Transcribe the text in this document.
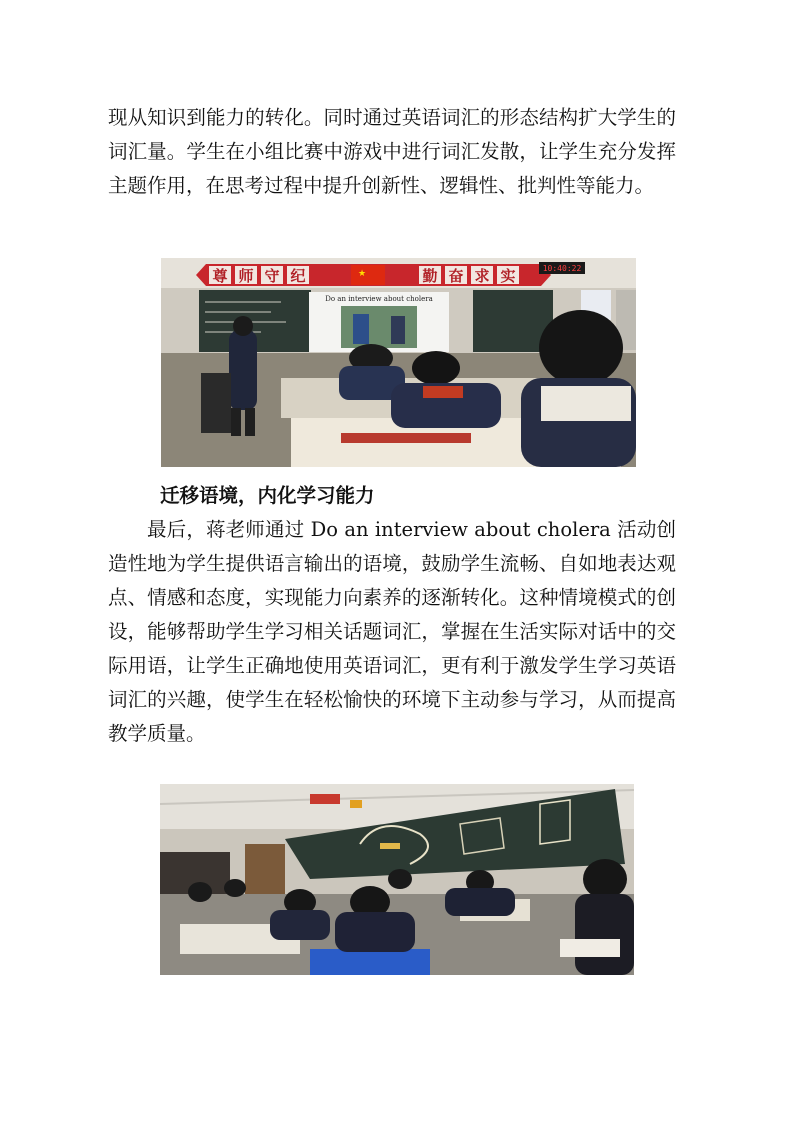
现从知识到能力的转化。同时通过英语词汇的形态结构扩大学生的词汇量。学生在小组比赛中游戏中进行词汇发散，让学生充分发挥主题作用，在思考过程中提升创新性、逻辑性、批判性等能力。

尊 师 守 纪	★	勤 奋 求 实	10:40:22
Do an interview about cholera

迁移语境，内化学习能力

最后，蒋老师通过 Do an interview about cholera 活动创造性地为学生提供语言输出的语境，鼓励学生流畅、自如地表达观点、情感和态度，实现能力向素养的逐渐转化。这种情境模式的创设，能够帮助学生学习相关话题词汇，掌握在生活实际对话中的交际用语，让学生正确地使用英语词汇，更有利于激发学生学习英语词汇的兴趣，使学生在轻松愉快的环境下主动参与学习，从而提高教学质量。
